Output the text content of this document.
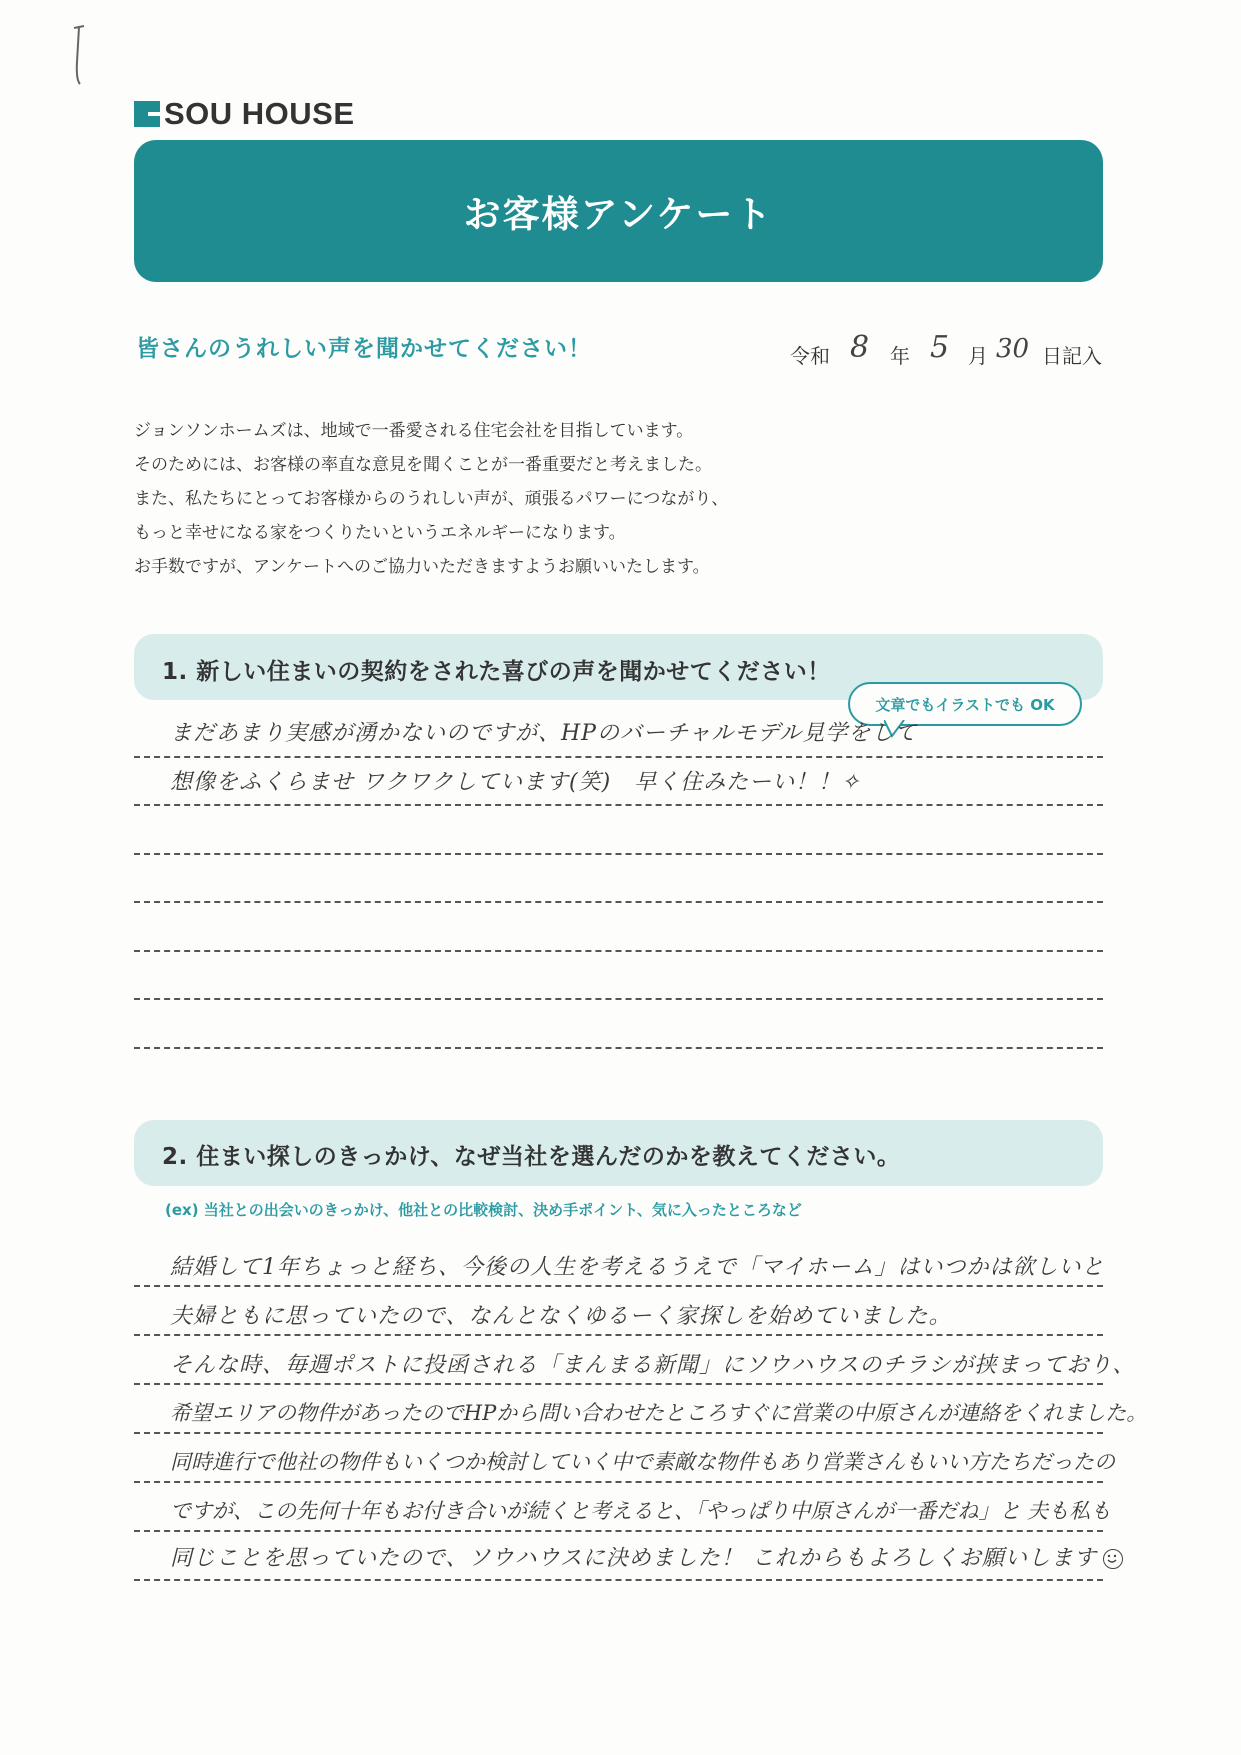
SOU HOUSE
お客様アンケート
皆さんのうれしい声を聞かせてください！	令和 8 年 5 月 30 日記入

ジョンソンホームズは、地域で一番愛される住宅会社を目指しています。

そのためには、お客様の率直な意見を聞くことが一番重要だと考えました。

また、私たちにとってお客様からのうれしい声が、頑張るパワーにつながり、

もっと幸せになる家をつくりたいというエネルギーになります。

お手数ですが、アンケートへのご協力いただきますようお願いいたします。

1. 新しい住まいの契約をされた喜びの声を聞かせてください！
文章でもイラストでも OK
まだあまり実感が湧かないのですが、HPのバーチャルモデル見学をして
想像をふくらませ ワクワクしています(笑)　早く住みたーい！！✧
2. 住まい探しのきっかけ、なぜ当社を選んだのかを教えてください。
(ex) 当社との出会いのきっかけ、他社との比較検討、決め手ポイント、気に入ったところなど
結婚して1年ちょっと経ち、今後の人生を考えるうえで「マイホーム」はいつかは欲しいと
夫婦ともに思っていたので、なんとなくゆるーく家探しを始めていました。
そんな時、毎週ポストに投函される「まんまる新聞」にソウハウスのチラシが挟まっており、
希望エリアの物件があったのでHPから問い合わせたところすぐに営業の中原さんが連絡をくれました。
同時進行で他社の物件もいくつか検討していく中で素敵な物件もあり営業さんもいい方たちだったの
ですが、この先何十年もお付き合いが続くと考えると、「やっぱり中原さんが一番だね」と 夫も私も
同じことを思っていたので、ソウハウスに決めました！ これからもよろしくお願いします
